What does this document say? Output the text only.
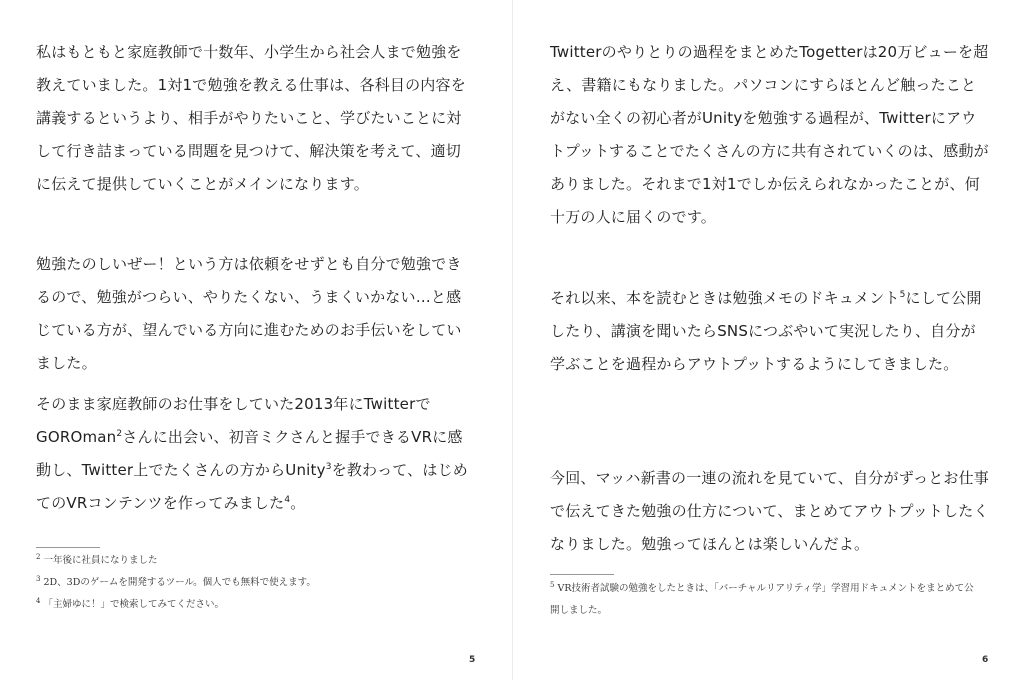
私はもともと家庭教師で十数年、小学生から社会人まで勉強を教えていました。1対1で勉強を教える仕事は、各科目の内容を講義するというより、相手がやりたいこと、学びたいことに対して行き詰まっている問題を見つけて、解決策を考えて、適切に伝えて提供していくことがメインになります。

勉強たのしいぜー！という方は依頼をせずとも自分で勉強できるので、勉強がつらい、やりたくない、うまくいかない…と感じている方が、望んでいる方向に進むためのお手伝いをしていました。

そのまま家庭教師のお仕事をしていた2013年にTwitterでGOROman$^2$さんに出会い、初音ミクさんと握手できるVRに感動し、Twitter上でたくさんの方からUnity$^3$を教わって、はじめてのVRコンテンツを作ってみました$^4$。

$^2$ 一年後に社員になりました

$^3$ 2D、3Dのゲームを開発するツール。個人でも無料で使えます。

$^4$ 「主婦ゆに！」で検索してみてください。

5

Twitterのやりとりの過程をまとめたTogetterは20万ビューを超え、書籍にもなりました。パソコンにすらほとんど触ったことがない全くの初心者がUnityを勉強する過程が、Twitterにアウトプットすることでたくさんの方に共有されていくのは、感動がありました。それまで1対1でしか伝えられなかったことが、何十万の人に届くのです。

それ以来、本を読むときは勉強メモのドキュメント$^5$にして公開したり、講演を聞いたらSNSにつぶやいて実況したり、自分が学ぶことを過程からアウトプットするようにしてきました。

今回、マッハ新書の一連の流れを見ていて、自分がずっとお仕事で伝えてきた勉強の仕方について、まとめてアウトプットしたくなりました。勉強ってほんとは楽しいんだよ。

$^5$ VR技術者試験の勉強をしたときは、「バーチャルリアリティ学」学習用ドキュメントをまとめて公開しました。

6
